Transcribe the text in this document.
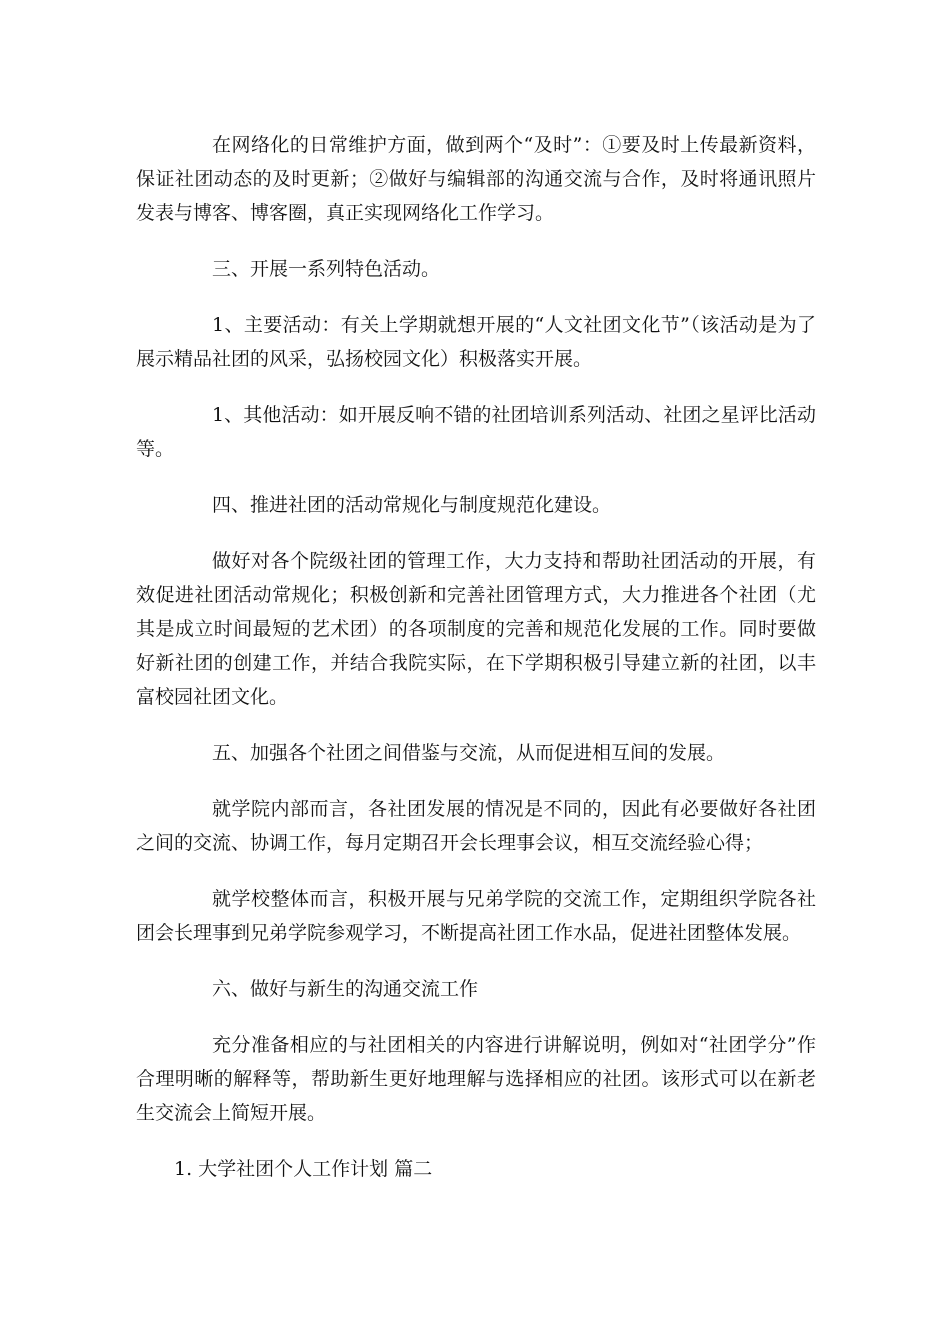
在网络化的日常维护方面，做到两个“及时”：①要及时上传最新资料，保证社团动态的及时更新；②做好与编辑部的沟通交流与合作，及时将通讯照片发表与博客、博客圈，真正实现网络化工作学习。

三、开展一系列特色活动。

1、主要活动：有关上学期就想开展的“人文社团文化节”（该活动是为了展示精品社团的风采，弘扬校园文化）积极落实开展。

1、其他活动：如开展反响不错的社团培训系列活动、社团之星评比活动等。

四、推进社团的活动常规化与制度规范化建设。

做好对各个院级社团的管理工作，大力支持和帮助社团活动的开展，有效促进社团活动常规化；积极创新和完善社团管理方式，大力推进各个社团（尤其是成立时间最短的艺术团）的各项制度的完善和规范化发展的工作。同时要做好新社团的创建工作，并结合我院实际，在下学期积极引导建立新的社团，以丰富校园社团文化。

五、加强各个社团之间借鉴与交流，从而促进相互间的发展。

就学院内部而言，各社团发展的情况是不同的，因此有必要做好各社团之间的交流、协调工作，每月定期召开会长理事会议，相互交流经验心得；

就学校整体而言，积极开展与兄弟学院的交流工作，定期组织学院各社团会长理事到兄弟学院参观学习，不断提高社团工作水品，促进社团整体发展。

六、做好与新生的沟通交流工作

充分准备相应的与社团相关的内容进行讲解说明，例如对“社团学分”作合理明晰的解释等，帮助新生更好地理解与选择相应的社团。该形式可以在新老生交流会上简短开展。

1. 大学社团个人工作计划 篇二
